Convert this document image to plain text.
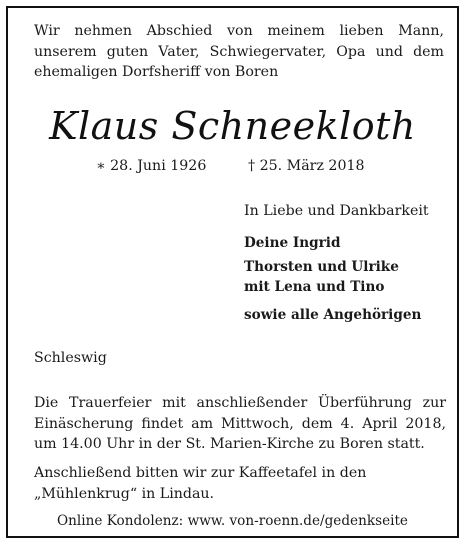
Wir nehmen Abschied von meinem lieben Mann, unserem guten Vater, Schwiegervater, Opa und dem ehemaligen Dorfsheriff von Boren
Klaus Schneekloth
∗ 28. Juni 1926	† 25. März 2018
In Liebe und Dankbarkeit
Deine Ingrid
Thorsten und Ulrike
mit Lena und Tino
sowie alle Angehörigen
Schleswig
Die Trauerfeier mit anschließender Überführung zur Einäscherung findet am Mittwoch, dem 4. April 2018, um 14.00 Uhr in der St. Marien-Kirche zu Boren statt.
Anschließend bitten wir zur Kaffeetafel in den „Mühlenkrug“ in Lindau.
Online Kondolenz: www. von-roenn.de/gedenkseite
